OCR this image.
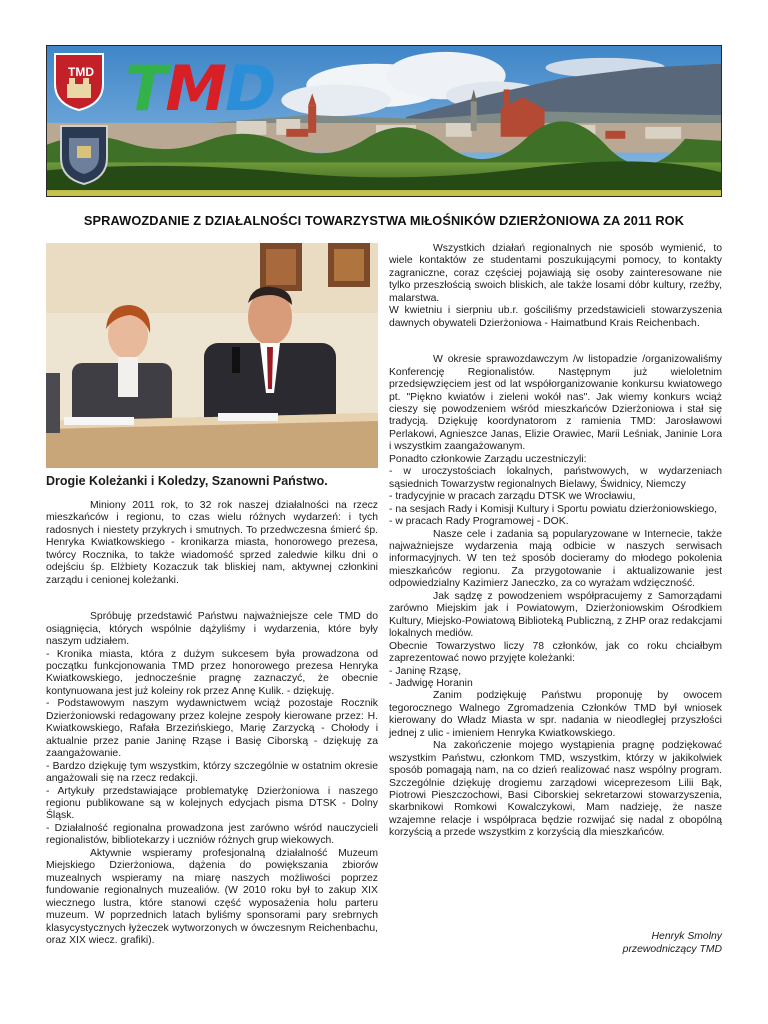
TMD TMD
SPRAWOZDANIE Z DZIAŁALNOŚCI TOWARZYSTWA MIŁOŚNIKÓW DZIERŻONIOWA ZA 2011 ROK
Drogie Koleżanki i Koledzy, Szanowni Państwo.

Miniony 2011 rok, to 32 rok naszej działalności na rzecz mieszkańców i regionu, to czas wielu różnych wydarzeń: i tych radosnych i niestety przykrych i smutnych. To przedwczesna śmierć śp. Henryka Kwiatkowskiego - kronikarza miasta, honorowego prezesa, twórcy Rocznika, to także wiadomość sprzed zaledwie kilku dni o odejściu śp. Elżbiety Kozaczuk tak bliskiej nam, aktywnej członkini zarządu i cenionej koleżanki.

Spróbuję przedstawić Państwu najważniejsze cele TMD do osiągnięcia, których wspólnie dążyliśmy i wydarzenia, które były naszym udziałem.

- Kronika miasta, która z dużym sukcesem była prowadzona od początku funkcjonowania TMD przez honorowego prezesa Henryka Kwiatkowskiego, jednocześnie pragnę zaznaczyć, że obecnie kontynuowana jest już koleiny rok przez Annę Kulik. - dziękuję.

- Podstawowym naszym wydawnictwem wciąż pozostaje Rocznik Dzierżoniowski redagowany przez kolejne zespoły kierowane przez: H. Kwiatkowskiego, Rafała Brzezińskiego, Marię Zarzycką - Chołody i aktualnie przez panie Janinę Rząse i Basię Ciborską - dziękuję za zaangażowanie.

- Bardzo dziękuję tym wszystkim, którzy szczególnie w ostatnim okresie angażowali się na rzecz redakcji.

- Artykuły przedstawiające problematykę Dzierżoniowa i naszego regionu publikowane są w kolejnych edycjach pisma DTSK - Dolny Śląsk.

- Działalność regionalna prowadzona jest zarówno wśród nauczycieli regionalistów, bibliotekarzy i uczniów różnych grup wiekowych.

Aktywnie wspieramy profesjonalną działalność Muzeum Miejskiego Dzierżoniowa, dążenia do powiększania zbiorów muzealnych wspieramy na miarę naszych możliwości poprzez fundowanie regionalnych muzealiów. (W 2010 roku był to zakup XIX wiecznego lustra, które stanowi część wyposażenia holu parteru muzeum. W poprzednich latach byliśmy sponsorami pary srebrnych klasycystycznych łyżeczek wytworzonych w ówczesnym Reichenbachu, oraz XIX wiecz. grafiki).

Wszystkich działań regionalnych nie sposób wymienić, to wiele kontaktów ze studentami poszukującymi pomocy, to kontakty zagraniczne, coraz częściej pojawiają się osoby zainteresowane nie tylko przeszłością swoich bliskich, ale także losami dóbr kultury, rzeźby, malarstwa.

W kwietniu i sierpniu ub.r. gościliśmy przedstawicieli stowarzyszenia dawnych obywateli Dzierżoniowa - Haimatbund Krais Reichenbach.

W okresie sprawozdawczym /w listopadzie /organizowaliśmy Konferencję Regionalistów. Następnym już wieloletnim przedsięwzięciem jest od lat współorganizowanie konkursu kwiatowego pt. "Piękno kwiatów i zieleni wokół nas". Jak wiemy konkurs wciąż cieszy się powodzeniem wśród mieszkańców Dzierżoniowa i stał się tradycją. Dziękuję koordynatorom z ramienia TMD: Jarosławowi Perlakowi, Agnieszce Janas, Elizie Orawiec, Marii Leśniak, Janinie Lora i wszystkim zaangażowanym.

Ponadto członkowie Zarządu uczestniczyli:

- w uroczystościach lokalnych, państwowych, w wydarzeniach sąsiednich Towarzystw regionalnych Bielawy, Świdnicy, Niemczy

- tradycyjnie w pracach zarządu DTSK we Wrocławiu,

- na sesjach Rady i Komisji Kultury i Sportu powiatu dzierżoniowskiego,

- w pracach Rady Programowej - DOK.

Nasze cele i zadania są popularyzowane w Internecie, także najważniejsze wydarzenia mają odbicie w naszych serwisach informacyjnych. W ten też sposób docieramy do młodego pokolenia mieszkańców regionu. Za przygotowanie i aktualizowanie jest odpowiedzialny Kazimierz Janeczko, za co wyrażam wdzięczność.

Jak sądzę z powodzeniem współpracujemy z Samorządami zarówno Miejskim jak i Powiatowym, Dzierżoniowskim Ośrodkiem Kultury, Miejsko-Powiatową Biblioteką Publiczną, z ZHP oraz redakcjami lokalnych mediów.

Obecnie Towarzystwo liczy 78 członków, jak co roku chciałbym zaprezentować nowo przyjęte koleżanki:

- Janinę Rząsę,

- Jadwigę Horanin

Zanim podziękuję Państwu proponuję by owocem tegorocznego Walnego Zgromadzenia Członków TMD był wniosek kierowany do Władz Miasta w spr. nadania w nieodległej przyszłości jednej z ulic - imieniem Henryka Kwiatkowskiego.

Na zakończenie mojego wystąpienia pragnę podziękować wszystkim Państwu, członkom TMD, wszystkim, którzy w jakikolwiek sposób pomagają nam, na co dzień realizować nasz wspólny program. Szczególnie dziękuję drogiemu zarządowi wiceprezesom Lilii Bąk, Piotrowi Pieszczochowi, Basi Ciborskiej sekretarzowi stowarzyszenia, skarbnikowi Romkowi Kowalczykowi, Mam nadzieję, że nasze wzajemne relacje i współpraca będzie rozwijać się nadal z obopólną korzyścią a przede wszystkim z korzyścią dla mieszkańców.

Henryk Smolny
przewodniczący TMD
